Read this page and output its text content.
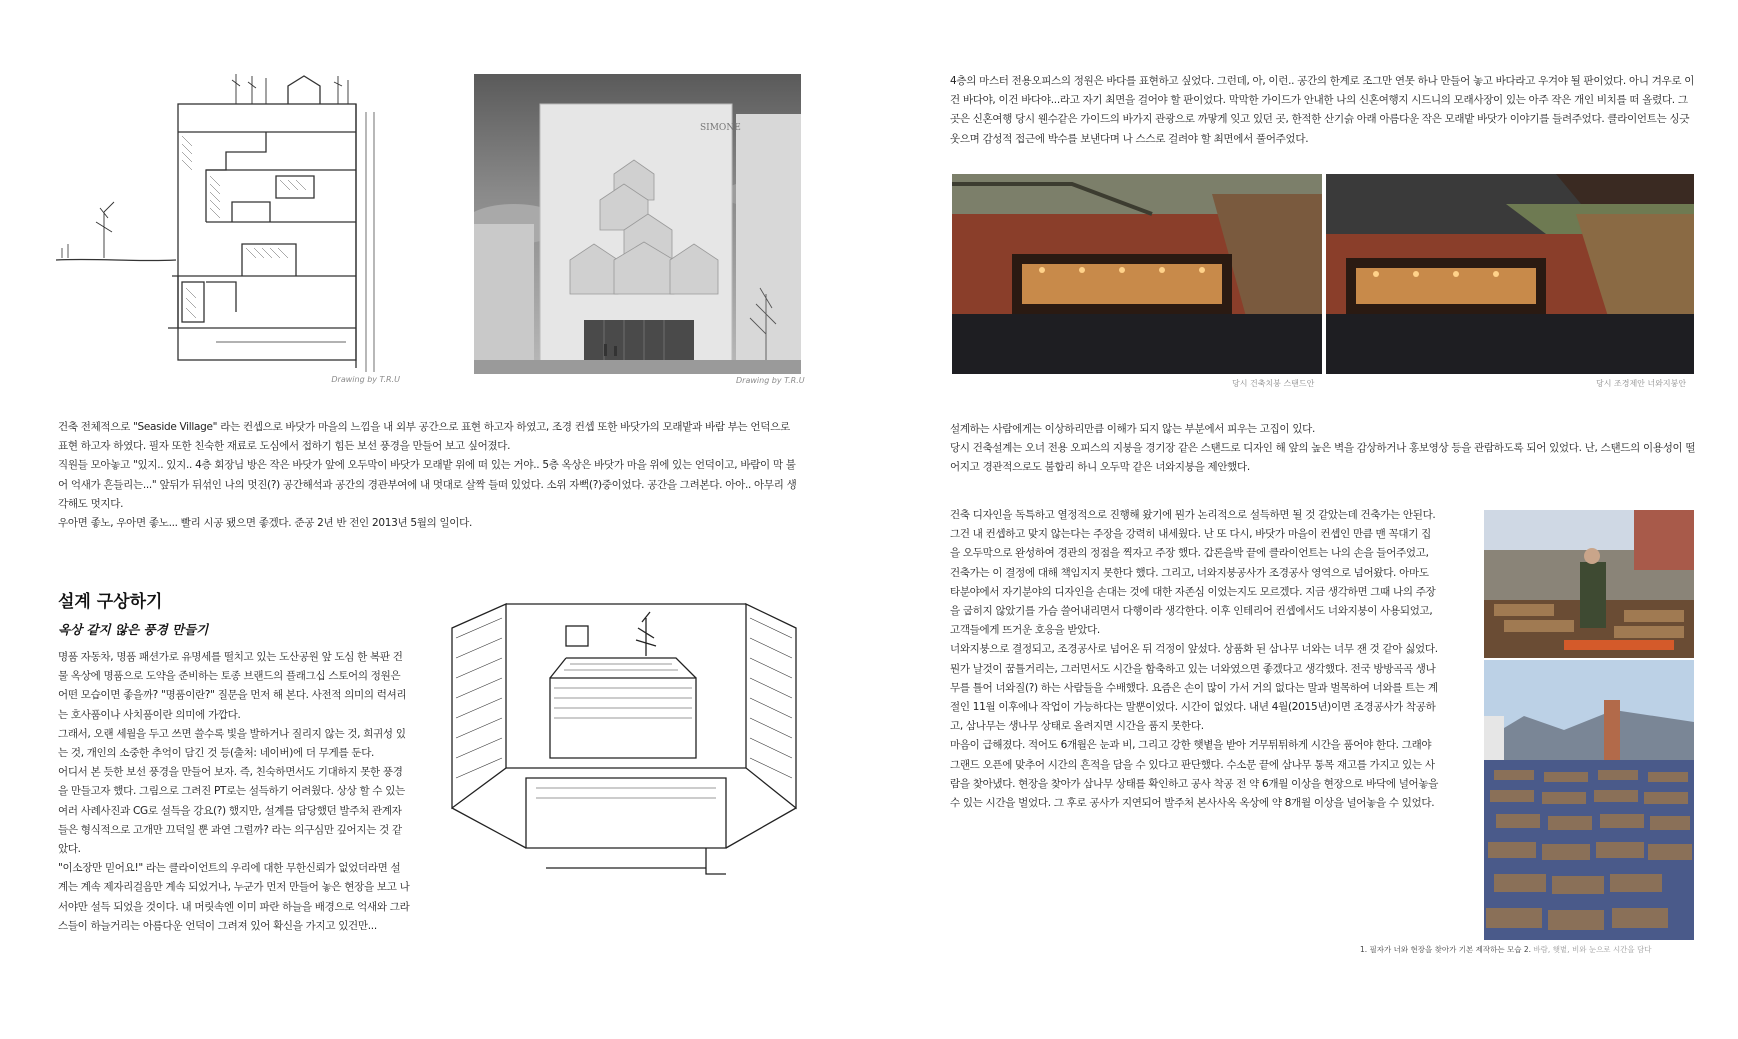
Drawing by T.R.U
SIMONE
Drawing by T.R.U

건축 전체적으로 "Seaside Village" 라는 컨셉으로 바닷가 마을의 느낌을 내 외부 공간으로 표현 하고자 하였고, 조경 컨셉 또한 바닷가의 모래밭과 바람 부는 언덕으로 표현 하고자 하였다. 필자 또한 친숙한 재료로 도심에서 접하기 힘든 보선 풍경을 만들어 보고 싶어졌다.

직원들 모아놓고 "있지.. 있지.. 4층 회장님 방은 작은 바닷가 앞에 오두막이 바닷가 모래밭 위에 떠 있는 거야.. 5층 옥상은 바닷가 마을 위에 있는 언덕이고, 바람이 막 불어 억새가 흔들리는..." 앞뒤가 뒤섞인 나의 멋진(?) 공간해석과 공간의 경관부여에 내 멋대로 살짝 들떠 있었다. 소위 자뻑(?)중이었다. 공간을 그려본다. 아아.. 아무리 생각해도 멋지다.

우아면 좋노, 우아면 좋노... 빨리 시공 됐으면 좋겠다. 준공 2년 반 전인 2013년 5월의 일이다.

설계 구상하기
옥상 같지 않은 풍경 만들기

명품 자동차, 명품 패션가로 유명세를 떨치고 있는 도산공원 앞 도심 한 복판 건물 옥상에 명품으로 도약을 준비하는 토종 브랜드의 플래그십 스토어의 정원은 어떤 모습이면 좋을까? "명품이란?" 질문을 먼저 해 본다. 사전적 의미의 럭셔리는 호사품이나 사치품이란 의미에 가깝다.

그래서, 오랜 세월을 두고 쓰면 쓸수록 빛을 발하거나 질리지 않는 것, 희귀성 있는 것, 개인의 소중한 추억이 담긴 것 등(출처: 네이버)에 더 무게를 둔다.

어디서 본 듯한 보선 풍경을 만들어 보자. 즉, 친숙하면서도 기대하지 못한 풍경을 만들고자 했다. 그림으로 그려진 PT로는 설득하기 어려웠다. 상상 할 수 있는 여러 사례사진과 CG로 설득을 강요(?) 했지만, 설계를 담당했던 발주처 관계자들은 형식적으로 고개만 끄덕일 뿐 과연 그럴까? 라는 의구심만 깊어지는 것 같았다.

"이소장만 믿어요!" 라는 클라이언트의 우리에 대한 무한신뢰가 없었더라면 설계는 계속 제자리걸음만 계속 되었거나, 누군가 먼저 만들어 놓은 현장을 보고 나서야만 설득 되었을 것이다. 내 머릿속엔 이미 파란 하늘을 배경으로 억새와 그라스들이 하늘거리는 아름다운 언덕이 그려져 있어 확신을 가지고 있건만...

4층의 마스터 전용오피스의 정원은 바다를 표현하고 싶었다. 그런데, 아, 이런.. 공간의 한계로 조그만 연못 하나 만들어 놓고 바다라고 우겨야 될 판이었다. 아니 겨우로 이건 바다야, 이건 바다야...라고 자기 최면을 걸어야 할 판이었다. 막막한 가이드가 안내한 나의 신혼여행지 시드니의 모래사장이 있는 아주 작은 개인 비치를 떠 올렸다. 그곳은 신혼여행 당시 웬수같은 가이드의 바가지 관광으로 까맣게 잊고 있던 곳, 한적한 산기슭 아래 아름다운 작은 모래밭 바닷가 이야기를 들려주었다. 클라이언트는 싱긋 웃으며 감성적 접근에 박수를 보낸다며 나 스스로 걸려야 할 최면에서 풀어주었다.
당시 건축치붕 스탠드안	당시 조경제안 너와지붕안

설계하는 사람에게는 이상하리만큼 이해가 되지 않는 부분에서 피우는 고집이 있다.

당시 건축설계는 오너 전용 오피스의 지붕을 경기장 같은 스탠드로 디자인 해 앞의 높은 벽을 감상하거나 홍보영상 등을 관람하도록 되어 있었다. 난, 스탠드의 이용성이 떨어지고 경관적으로도 불합리 하니 오두막 같은 너와지붕을 제안했다.

건축 디자인을 독특하고 열정적으로 진행해 왔기에 뭔가 논리적으로 설득하면 될 것 같았는데 건축가는 안된다. 그건 내 컨셉하고 맞지 않는다는 주장을 강력히 내세웠다. 난 또 다시, 바닷가 마을이 컨셉인 만큼 맨 꼭대기 집을 오두막으로 완성하여 경관의 정점을 찍자고 주장 했다. 갑론을박 끝에 클라이언트는 나의 손을 들어주었고, 건축가는 이 결정에 대해 책임지지 못한다 했다. 그리고, 너와지붕공사가 조경공사 영역으로 넘어왔다. 아마도 타분야에서 자기분야의 디자인을 손대는 것에 대한 자존심 이었는지도 모르겠다. 지금 생각하면 그때 나의 주장을 굽히지 않았기를 가슴 쓸어내리면서 다행이라 생각한다. 이후 인테리어 컨셉에서도 너와지붕이 사용되었고, 고객들에게 뜨거운 호응을 받았다.

너와지붕으로 결정되고, 조경공사로 넘어온 뒤 걱정이 앞섰다. 상품화 된 삼나무 너와는 너무 잰 것 같아 싫었다. 뭔가 날것이 꿈틀거리는, 그러면서도 시간을 함축하고 있는 너와였으면 좋겠다고 생각했다. 전국 방방곡곡 생나무를 틀어 너와질(?) 하는 사람들을 수배했다. 요즘은 손이 많이 가서 거의 없다는 말과 벌목하여 너와를 트는 계절인 11월 이후에나 작업이 가능하다는 말뿐이었다. 시간이 없었다. 내년 4월(2015년)이면 조경공사가 착공하고, 삼나무는 생나무 상태로 올려지면 시간을 품지 못한다.

마음이 급해졌다. 적어도 6개월은 눈과 비, 그리고 강한 햇볕을 받아 거무튀튀하게 시간을 품어야 한다. 그래야 그랜드 오픈에 맞추어 시간의 흔적을 담을 수 있다고 판단했다. 수소문 끝에 삼나무 통목 재고를 가지고 있는 사람을 찾아냈다. 현장을 찾아가 삼나무 상태를 확인하고 공사 착공 전 약 6개월 이상을 현장으로 바닥에 널어놓을 수 있는 시간을 벌었다. 그 후로 공사가 지연되어 발주처 본사사옥 옥상에 약 8개월 이상을 널어놓을 수 있었다.

1. 필자가 너와 현장을 찾아가 기본 제작하는 모습 2. 바람, 햇볕, 비와 눈으로 시간을 담다
